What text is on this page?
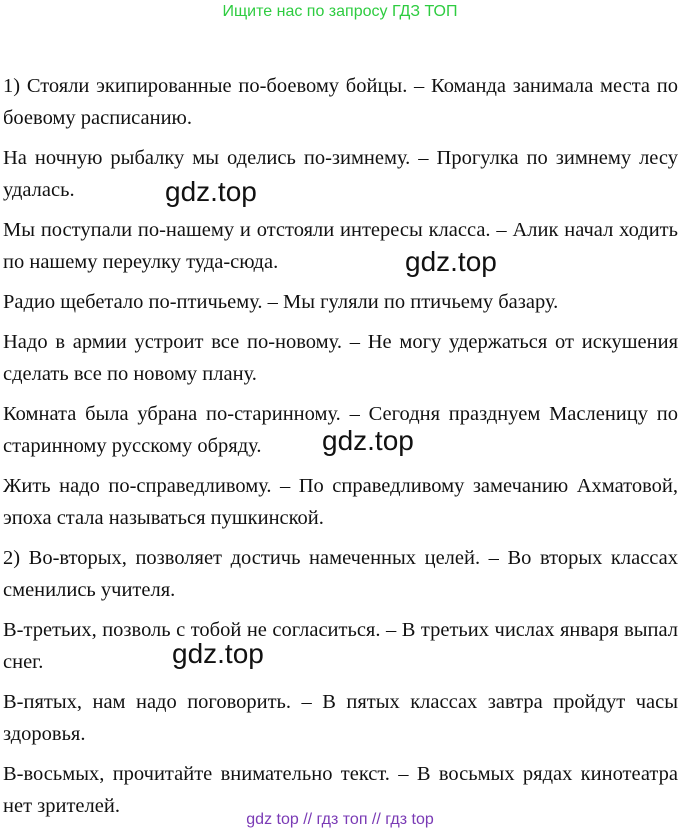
Ищите нас по запросу ГДЗ ТОП

1) Стояли экипированные по-боевому бойцы. – Команда занимала места по боевому расписанию.

На ночную рыбалку мы оделись по-зимнему. – Прогулка по зимнему лесу удалась.

Мы поступали по-нашему и отстояли интересы класса. – Алик начал ходить по нашему переулку туда-сюда.

Радио щебетало по-птичьему. – Мы гуляли по птичьему базару.

Надо в армии устроит все по-новому. – Не могу удержаться от искушения сделать все по новому плану.

Комната была убрана по-старинному. – Сегодня празднуем Масленицу по старинному русскому обряду.

Жить надо по-справедливому. – По справедливому замечанию Ахматовой, эпоха стала называться пушкинской.

2) Во-вторых, позволяет достичь намеченных целей. – Во вторых классах сменились учителя.

В-третьих, позволь с тобой не согласиться. – В третьих числах января выпал снег.

В-пятых, нам надо поговорить. – В пятых классах завтра пройдут часы здоровья.

В-восьмых, прочитайте внимательно текст. – В восьмых рядах кинотеатра нет зрителей.

gdz.top
gdz.top
gdz.top
gdz.top
gdz top // гдз топ // гдз top
